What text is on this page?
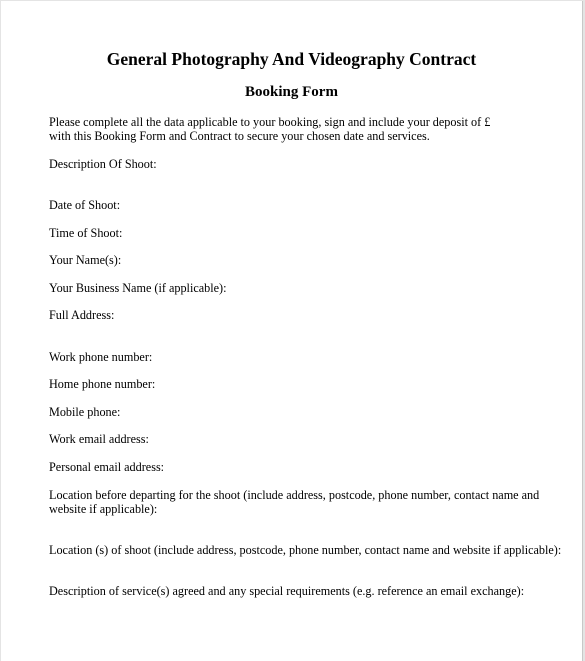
General Photography And Videography Contract
Booking Form

Please complete all the data applicable to your booking, sign and include your deposit of £

with this Booking Form and Contract to secure your chosen date and services.

Description Of Shoot:

Date of Shoot:

Time of Shoot:

Your Name(s):

Your Business Name (if applicable):

Full Address:

Work phone number:

Home phone number:

Mobile phone:

Work email address:

Personal email address:

Location before departing for the shoot (include address, postcode, phone number, contact name and

website if applicable):

Location (s) of shoot (include address, postcode, phone number, contact name and website if applicable):

Description of service(s) agreed and any special requirements (e.g. reference an email exchange):
